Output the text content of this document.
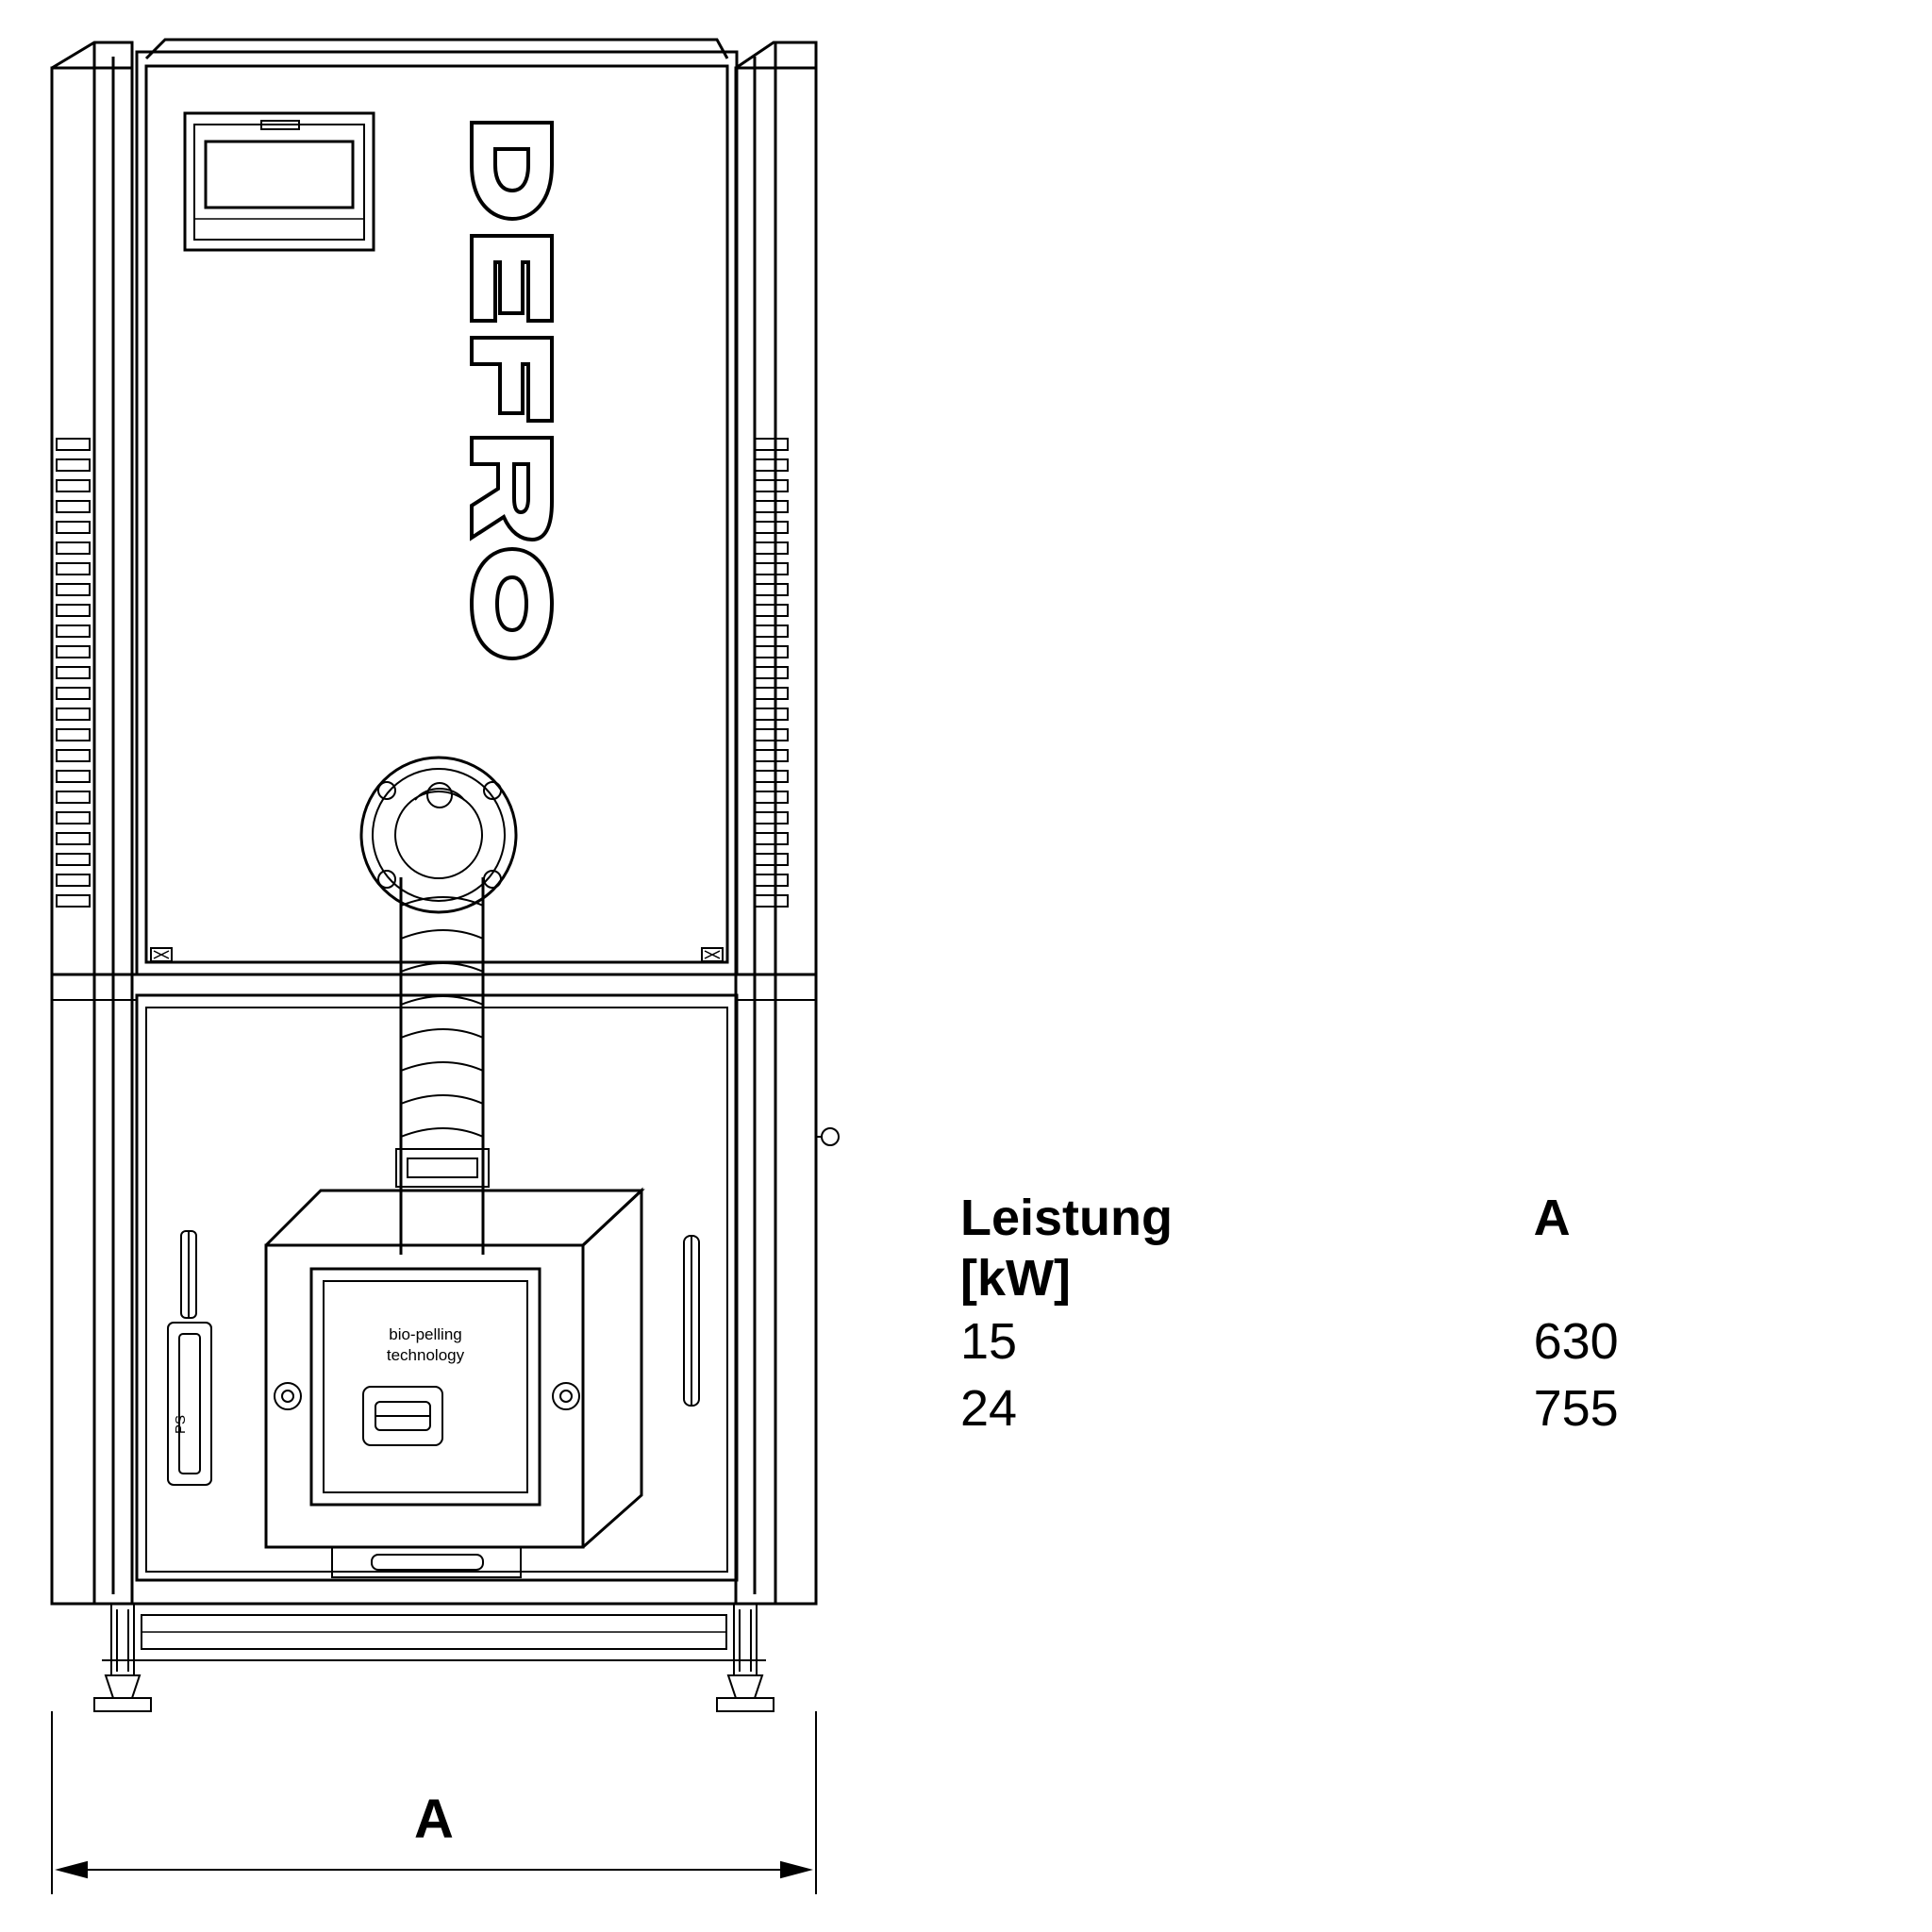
bio-pelling
technology
A
PS
Leistung
[kW]	A
15	630
24	755
